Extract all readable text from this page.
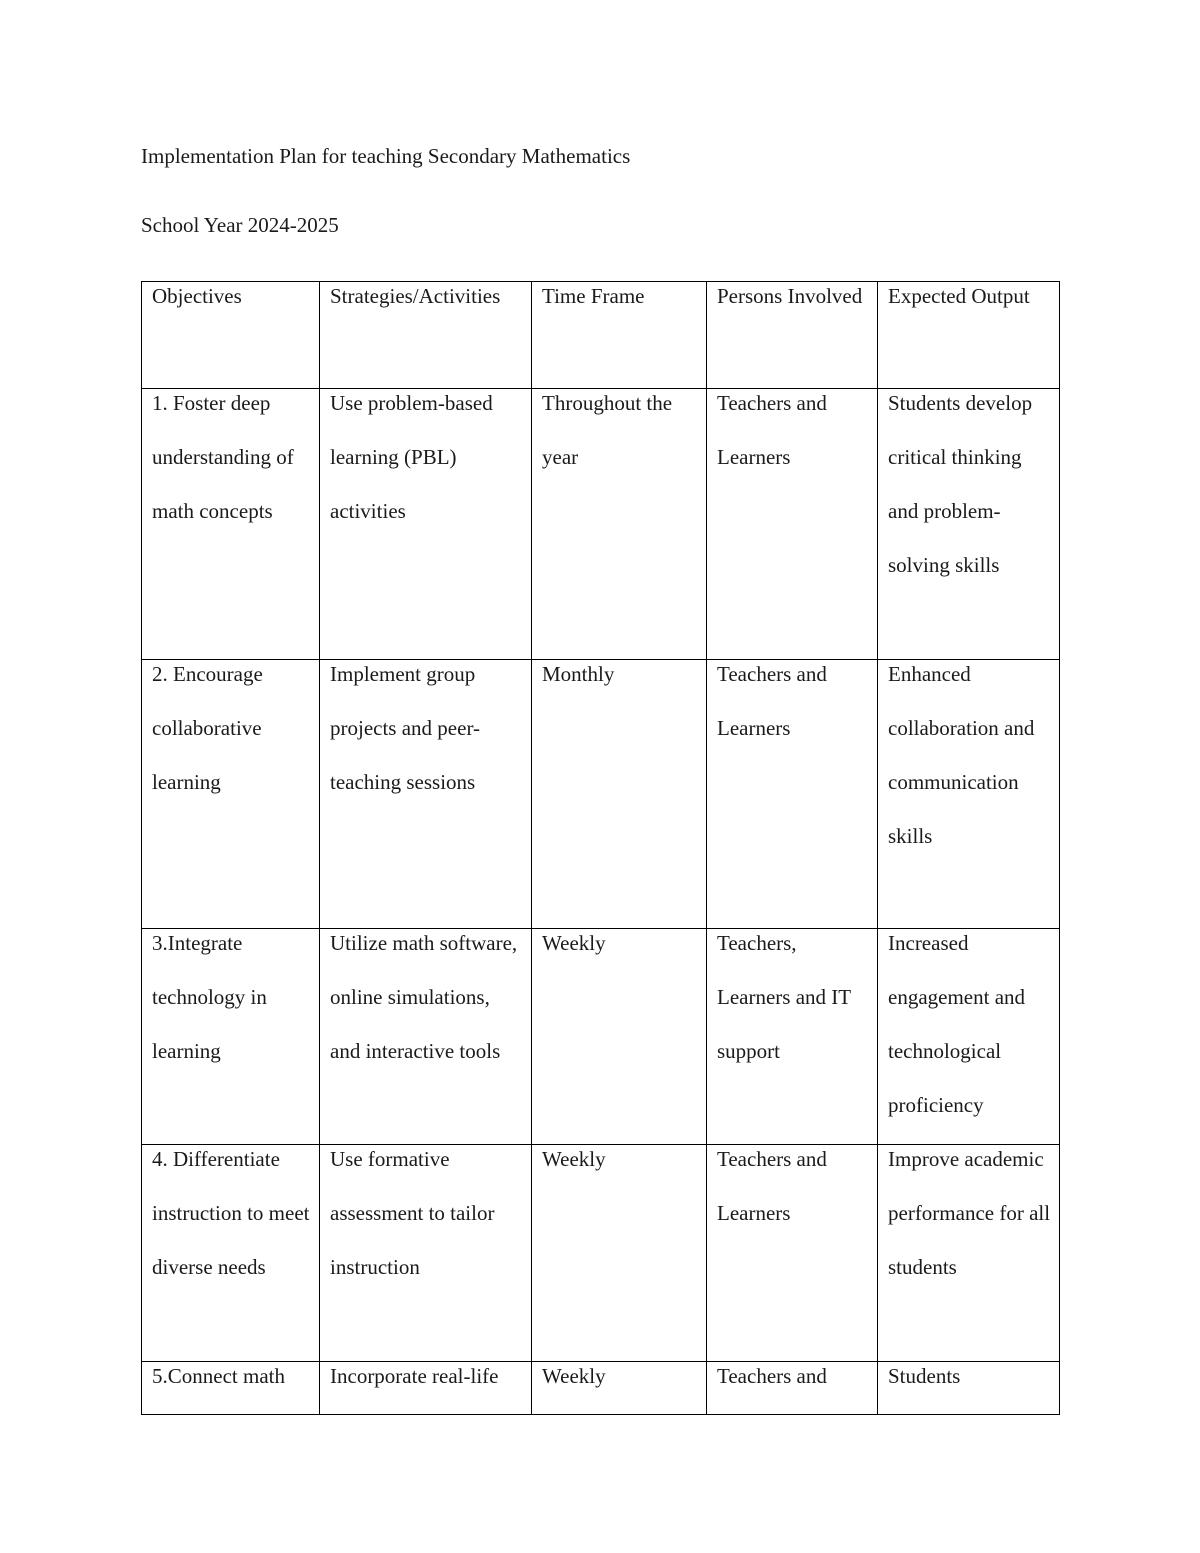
Implementation Plan for teaching Secondary Mathematics
School Year 2024-2025
Objectives	Strategies/Activities	Time Frame	Persons Involved	Expected Output

1. Foster deep understanding of math concepts	Use problem-based learning (PBL) activities	Throughout the year	Teachers and Learners	Students develop critical thinking and problem-solving skills

2. Encourage collaborative learning	Implement group projects and peer-teaching sessions	Monthly	Teachers and Learners	Enhanced collaboration and communication skills

3.Integrate technology in learning	Utilize math software, online simulations, and interactive tools	Weekly	Teachers, Learners and IT support	Increased engagement and technological proficiency

4. Differentiate instruction to meet diverse needs	Use formative assessment to tailor instruction	Weekly	Teachers and Learners	Improve academic performance for all students

5.Connect math	Incorporate real-life	Weekly	Teachers and	Students
